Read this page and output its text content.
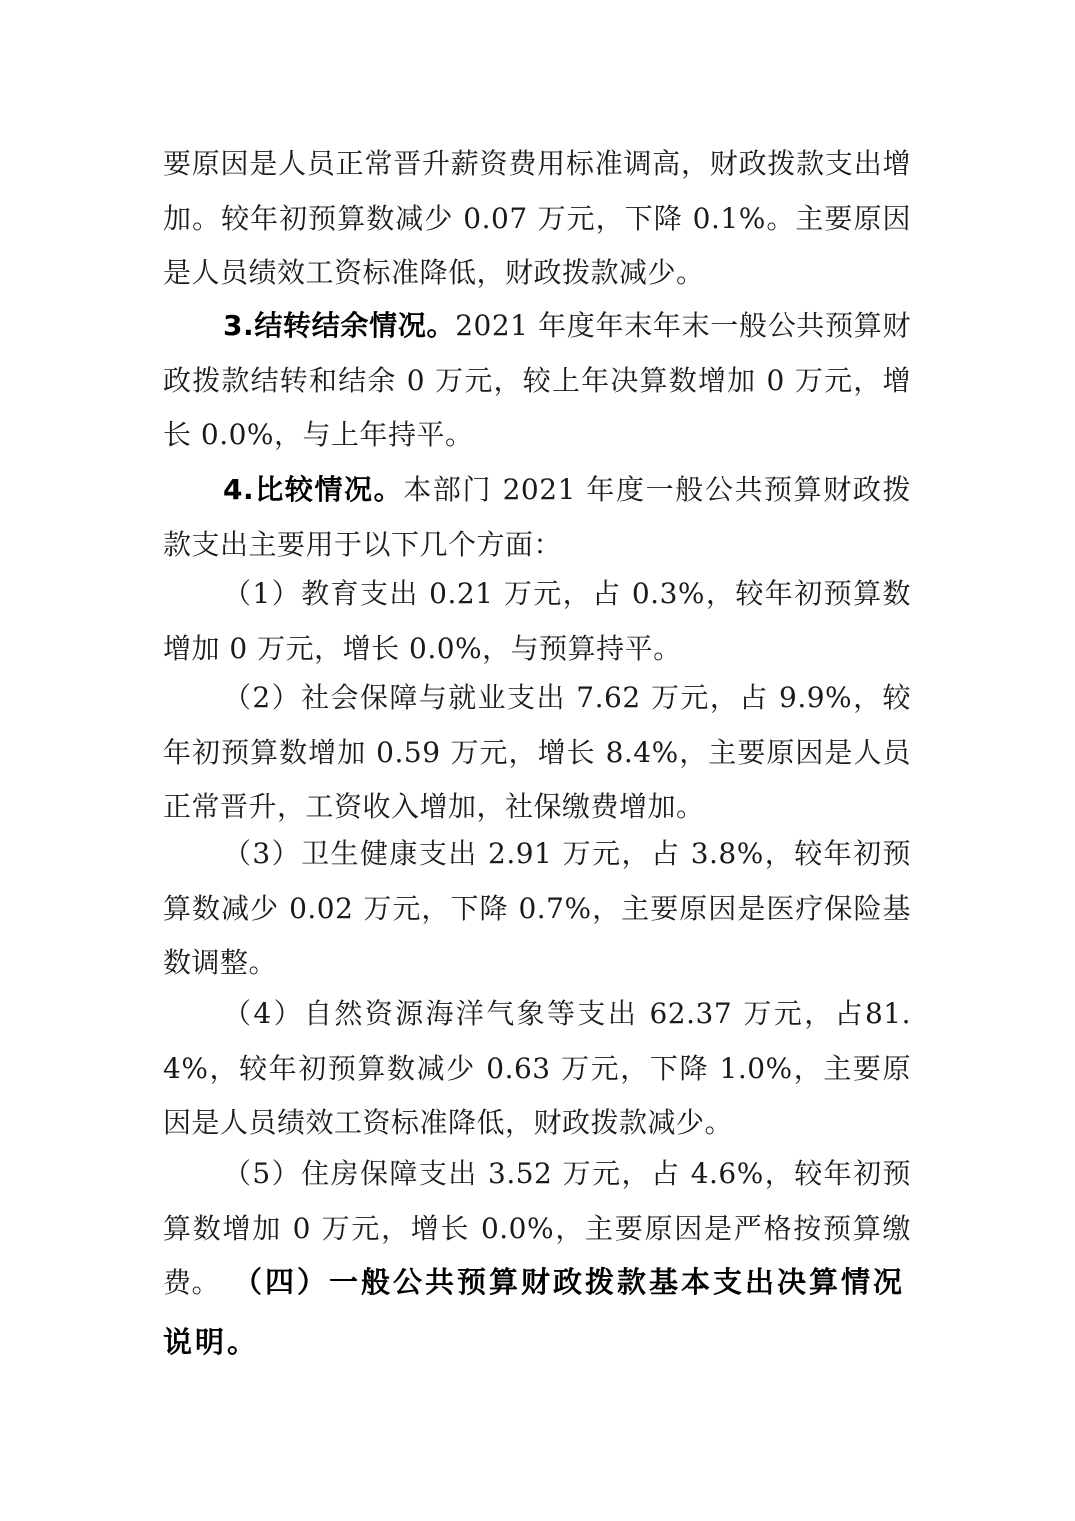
要原因是人员正常晋升薪资费用标准调高，财政拨款支出增加。较年初预算数减少 0.07 万元，下降 0.1%。主要原因是人员绩效工资标准降低，财政拨款减少。

3.结转结余情况。2021 年度年末年末一般公共预算财政拨款结转和结余 0 万元，较上年决算数增加 0 万元，增长 0.0%，与上年持平。

4.比较情况。本部门 2021 年度一般公共预算财政拨款支出主要用于以下几个方面：

（1）教育支出 0.21 万元，占 0.3%，较年初预算数增加 0 万元，增长 0.0%，与预算持平。

（2）社会保障与就业支出 7.62 万元，占 9.9%，较年初预算数增加 0.59 万元，增长 8.4%，主要原因是人员正常晋升，工资收入增加，社保缴费增加。

（3）卫生健康支出 2.91 万元，占 3.8%，较年初预算数减少 0.02 万元，下降 0.7%，主要原因是医疗保险基数调整。

（4）自然资源海洋气象等支出 62.37 万元，占81.4%，较年初预算数减少 0.63 万元，下降 1.0%，主要原因是人员绩效工资标准降低，财政拨款减少。

（5）住房保障支出 3.52 万元，占 4.6%，较年初预算数增加 0 万元，增长 0.0%，主要原因是严格按预算缴费。 （四）一般公共预算财政拨款基本支出决算情况说明。
